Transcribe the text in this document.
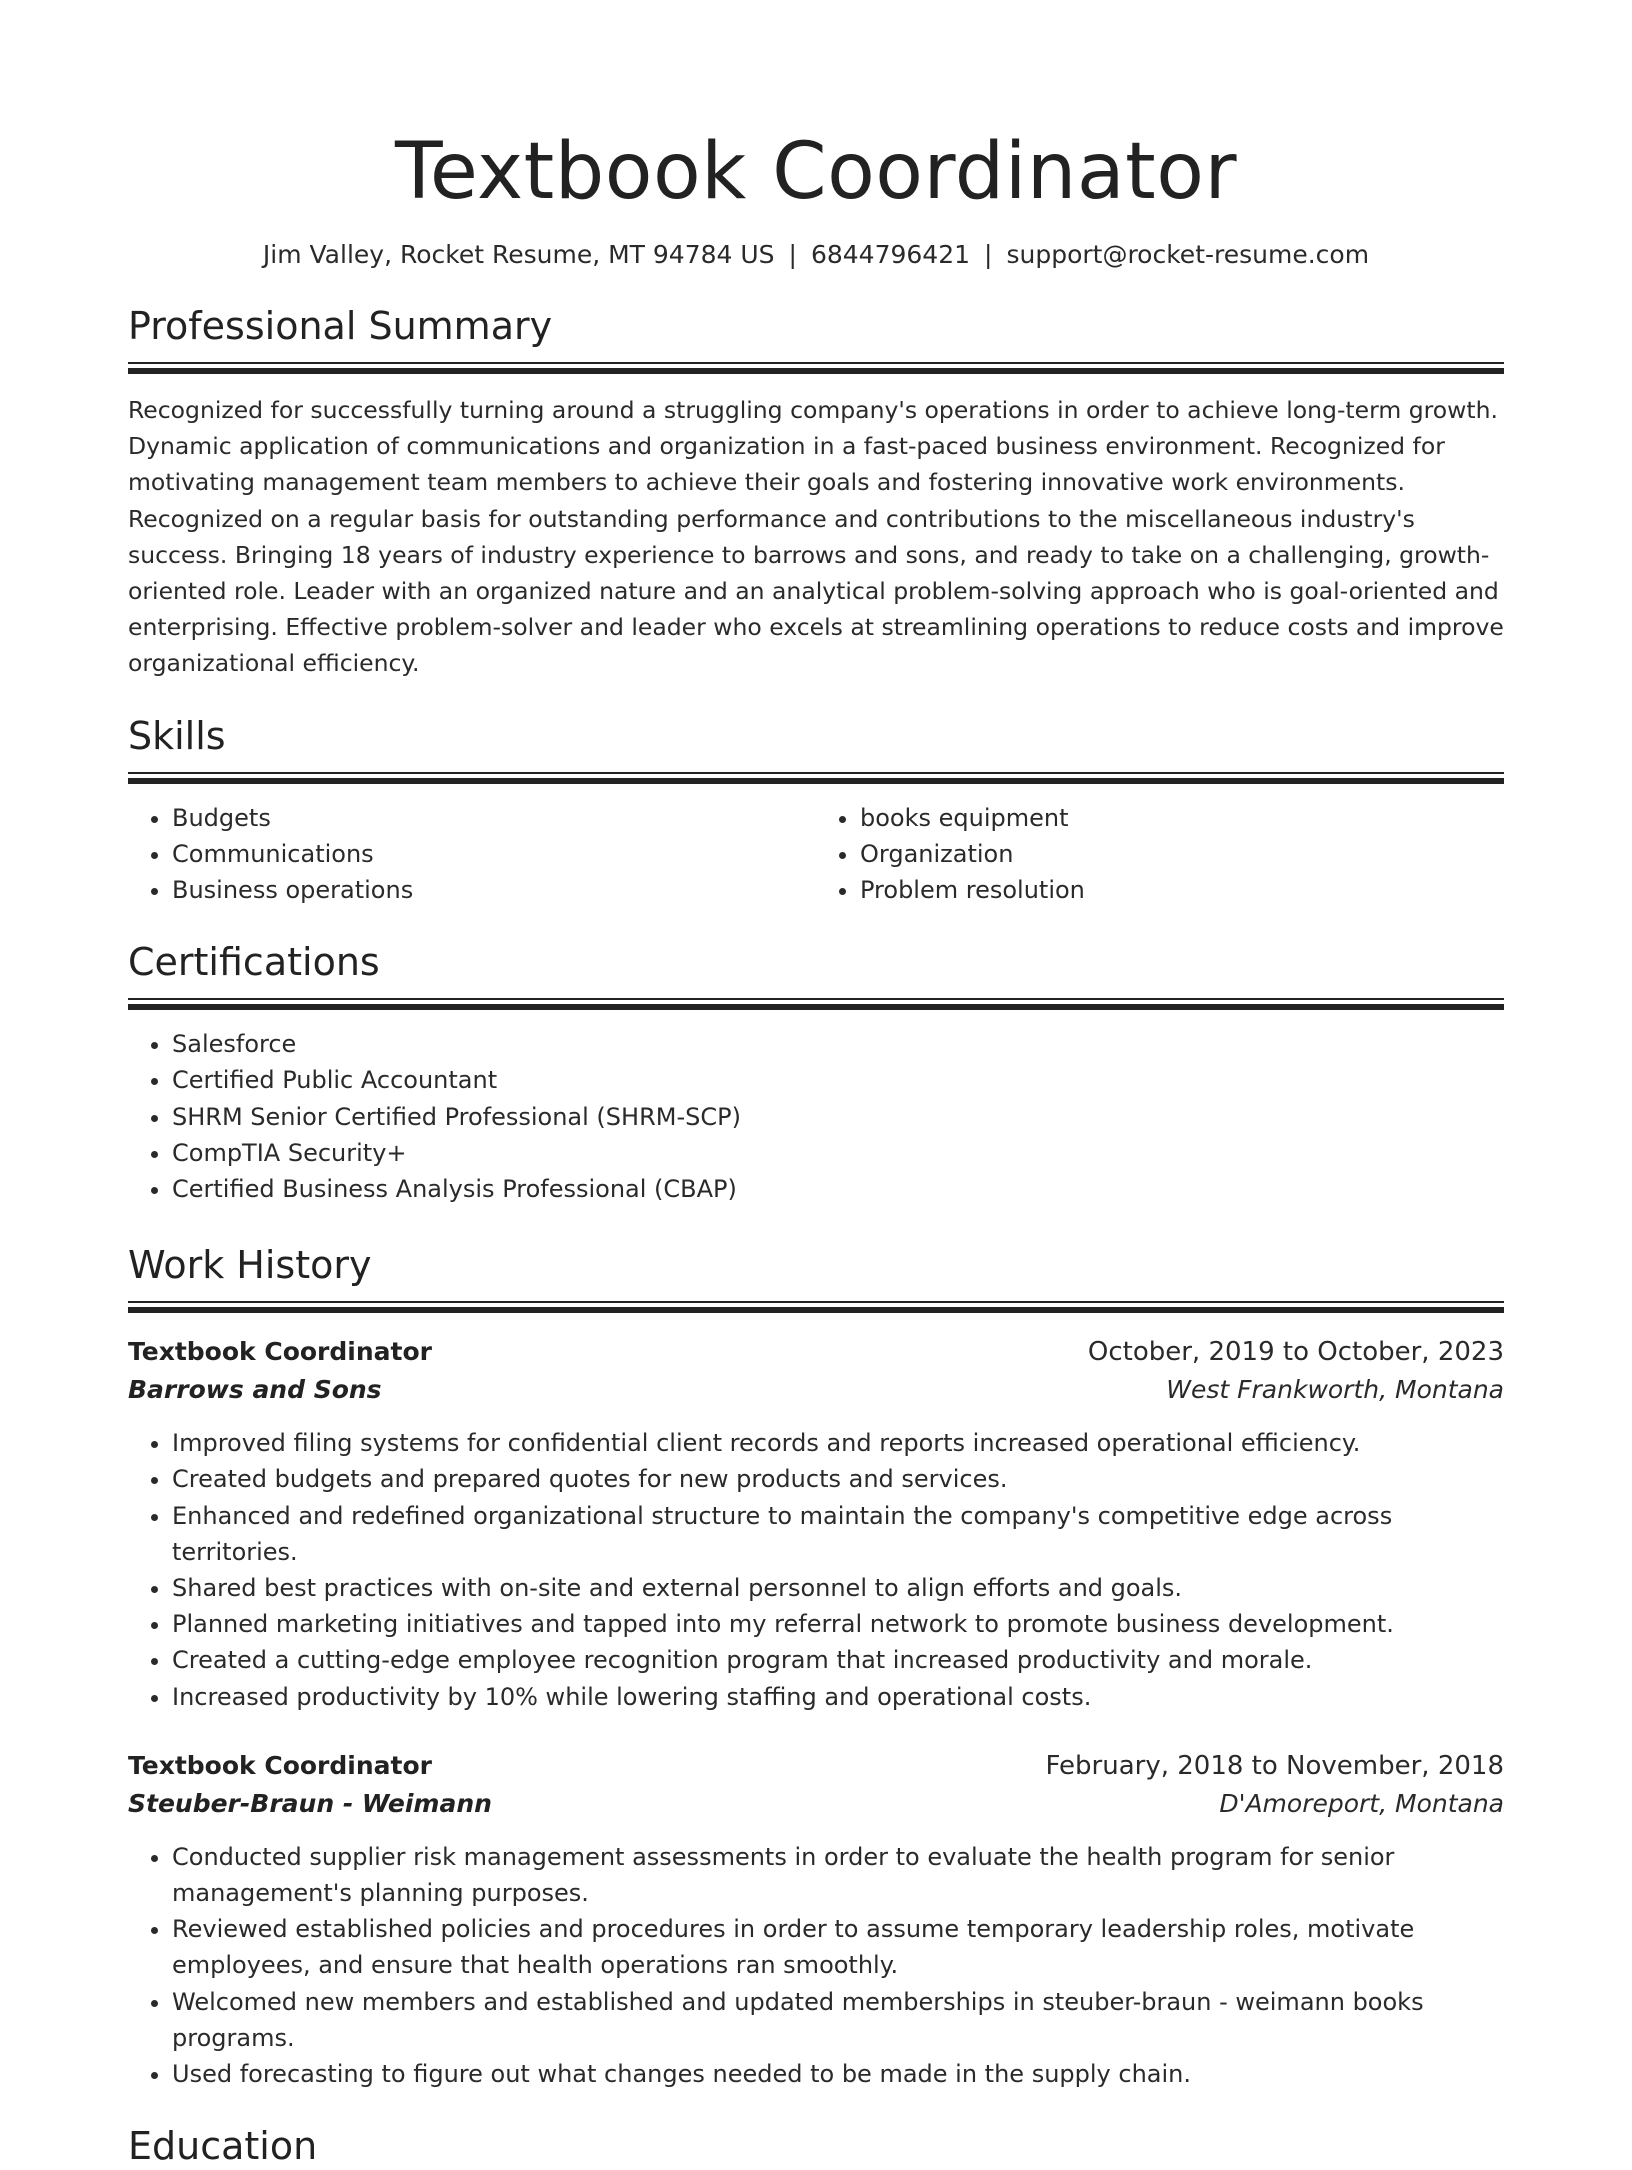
Textbook Coordinator
Jim Valley, Rocket Resume, MT 94784 US | 6844796421 | support@rocket-resume.com
Professional Summary

Recognized for successfully turning around a struggling company's operations in order to achieve long-term growth. Dynamic application of communications and organization in a fast-paced business environment. Recognized for motivating management team members to achieve their goals and fostering innovative work environments. Recognized on a regular basis for outstanding performance and contributions to the miscellaneous industry's success. Bringing 18 years of industry experience to barrows and sons, and ready to take on a challenging, growth-oriented role. Leader with an organized nature and an analytical problem-solving approach who is goal-oriented and enterprising. Effective problem-solver and leader who excels at streamlining operations to reduce costs and improve organizational efficiency.

Skills
• Budgets
• Communications
• Business operations
• books equipment
• Organization
• Problem resolution
Certifications
• Salesforce
• Certified Public Accountant
• SHRM Senior Certified Professional (SHRM-SCP)
• CompTIA Security+
• Certified Business Analysis Professional (CBAP)
Work History
Textbook Coordinator	October, 2019 to October, 2023
Barrows and Sons	West Frankworth, Montana
• Improved filing systems for confidential client records and reports increased operational efficiency.
• Created budgets and prepared quotes for new products and services.
• Enhanced and redefined organizational structure to maintain the company's competitive edge across territories.
• Shared best practices with on-site and external personnel to align efforts and goals.
• Planned marketing initiatives and tapped into my referral network to promote business development.
• Created a cutting-edge employee recognition program that increased productivity and morale.
• Increased productivity by 10% while lowering staffing and operational costs.
Textbook Coordinator	February, 2018 to November, 2018
Steuber-Braun - Weimann	D'Amoreport, Montana
• Conducted supplier risk management assessments in order to evaluate the health program for senior management's planning purposes.
• Reviewed established policies and procedures in order to assume temporary leadership roles, motivate employees, and ensure that health operations ran smoothly.
• Welcomed new members and established and updated memberships in steuber-braun - weimann books programs.
• Used forecasting to figure out what changes needed to be made in the supply chain.
Education
